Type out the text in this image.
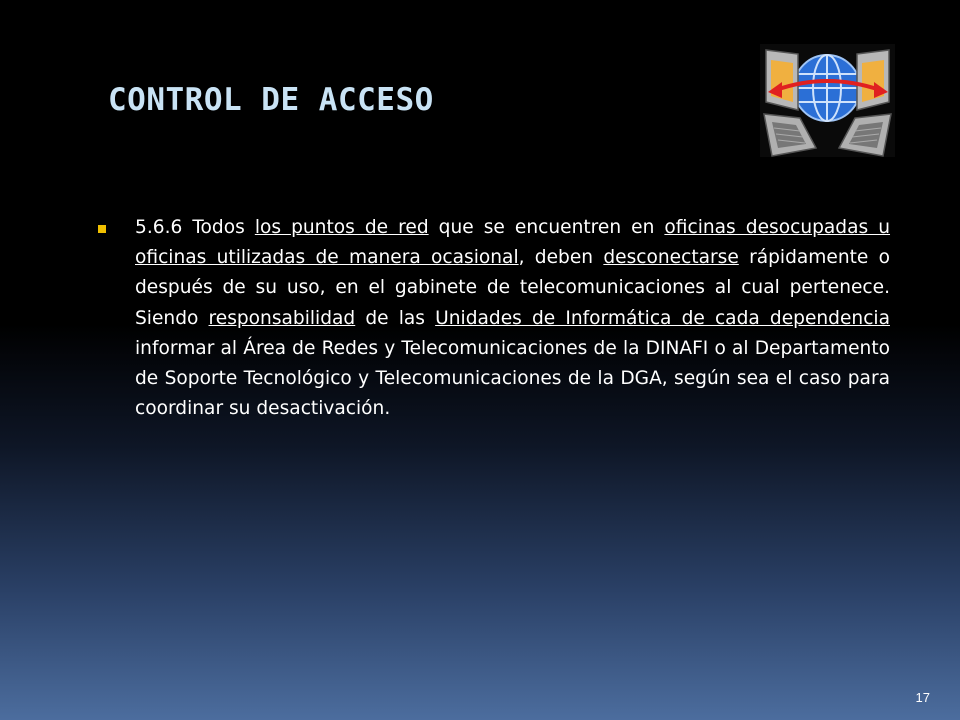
CONTROL DE ACCESO
5.6.6 Todos los puntos de red que se encuentren en oficinas desocupadas u oficinas utilizadas de manera ocasional, deben desconectarse rápidamente o después de su uso, en el gabinete de telecomunicaciones al cual pertenece. Siendo responsabilidad de las Unidades de Informática de cada dependencia informar al Área de Redes y Telecomunicaciones de la DINAFI o al Departamento de Soporte Tecnológico y Telecomunicaciones de la DGA, según sea el caso para coordinar su desactivación.
17
